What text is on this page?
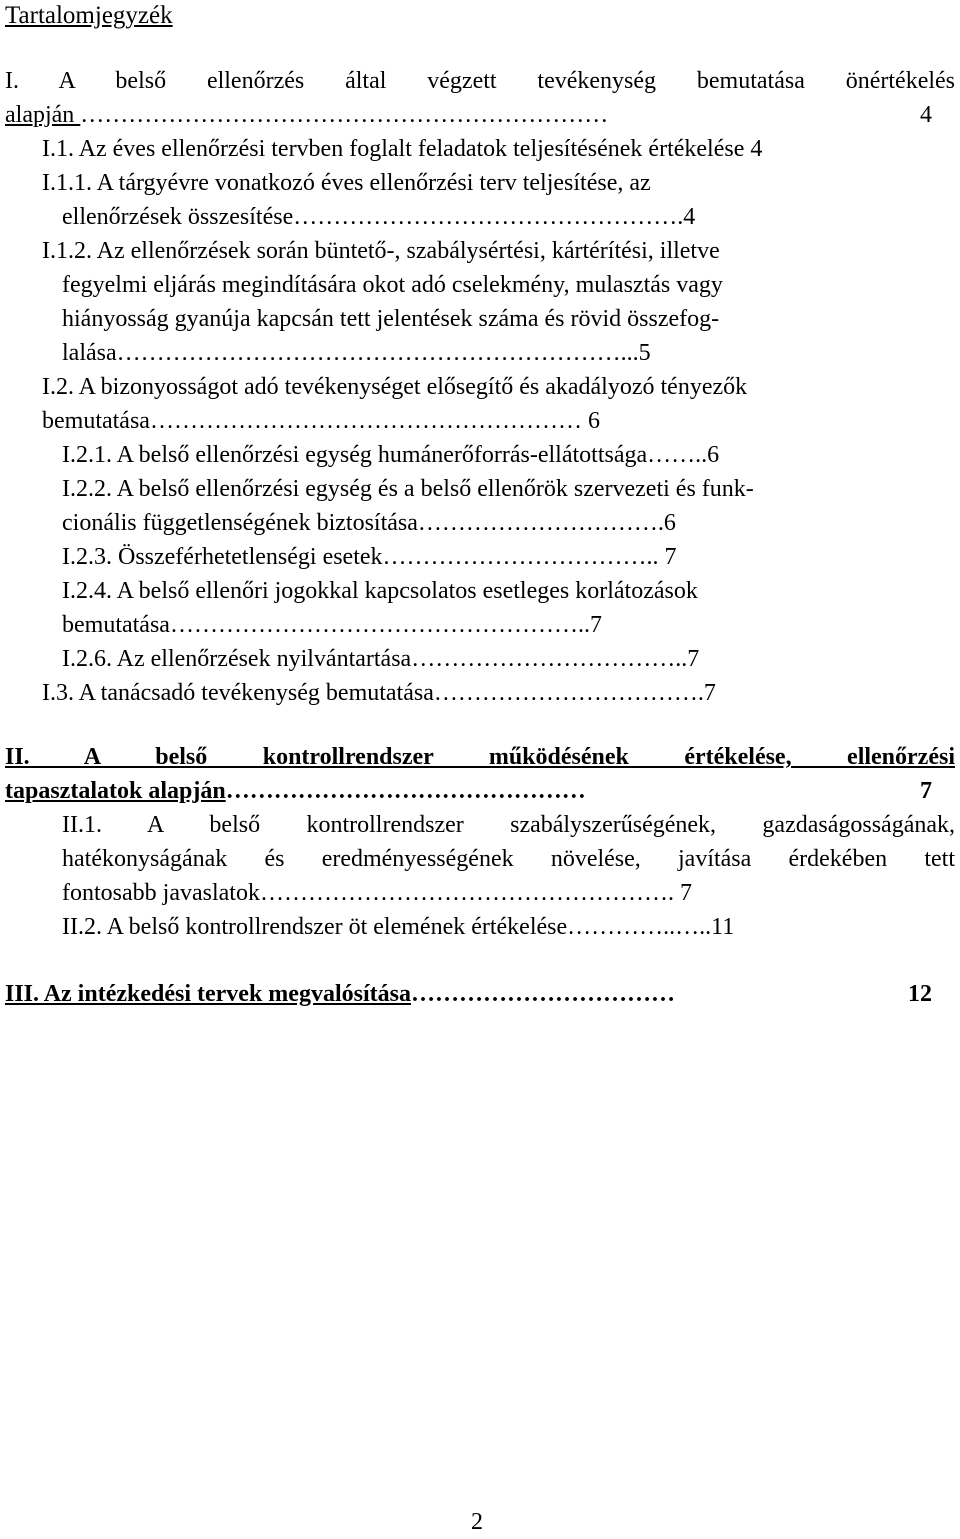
Tartalomjegyzék
I. A belső ellenőrzés által végzett tevékenység bemutatása önértékelés
alapján …………………………………………………………	4
I.1. Az éves ellenőrzési tervben foglalt feladatok teljesítésének értékelése 4
I.1.1. A tárgyévre vonatkozó éves ellenőrzési terv teljesítése, az
ellenőrzések összesítése………………………………………….4
I.1.2. Az ellenőrzések során büntető-, szabálysértési, kártérítési, illetve
fegyelmi eljárás megindítására okot adó cselekmény, mulasztás vagy
hiányosság gyanúja kapcsán tett jelentések száma és rövid összefog-
lalása………………………………………………………...5
I.2. A bizonyosságot adó tevékenységet elősegítő és akadályozó tényezők
bemutatása……………………………………………… 6
I.2.1. A belső ellenőrzési egység humánerőforrás-ellátottsága……..6
I.2.2. A belső ellenőrzési egység és a belső ellenőrök szervezeti és funk-
cionális függetlenségének biztosítása………………………….6
I.2.3. Összeférhetetlenségi esetek…………………………….. 7
I.2.4. A belső ellenőri jogokkal kapcsolatos esetleges korlátozások
bemutatása……………………………………………..7
I.2.6. Az ellenőrzések nyilvántartása……………………………..7
I.3. A tanácsadó tevékenység bemutatása…………………………….7
II. A belső kontrollrendszer működésének értékelése, ellenőrzési
tapasztalatok alapján………………………………………	7
II.1. A belső kontrollrendszer szabályszerűségének, gazdaságosságának,
hatékonyságának és eredményességének növelése, javítása érdekében tett
fontosabb javaslatok……………………………………………. 7
II.2. A belső kontrollrendszer öt elemének értékelése…………..…..11
III. Az intézkedési tervek megvalósítása……………………………	12
2
